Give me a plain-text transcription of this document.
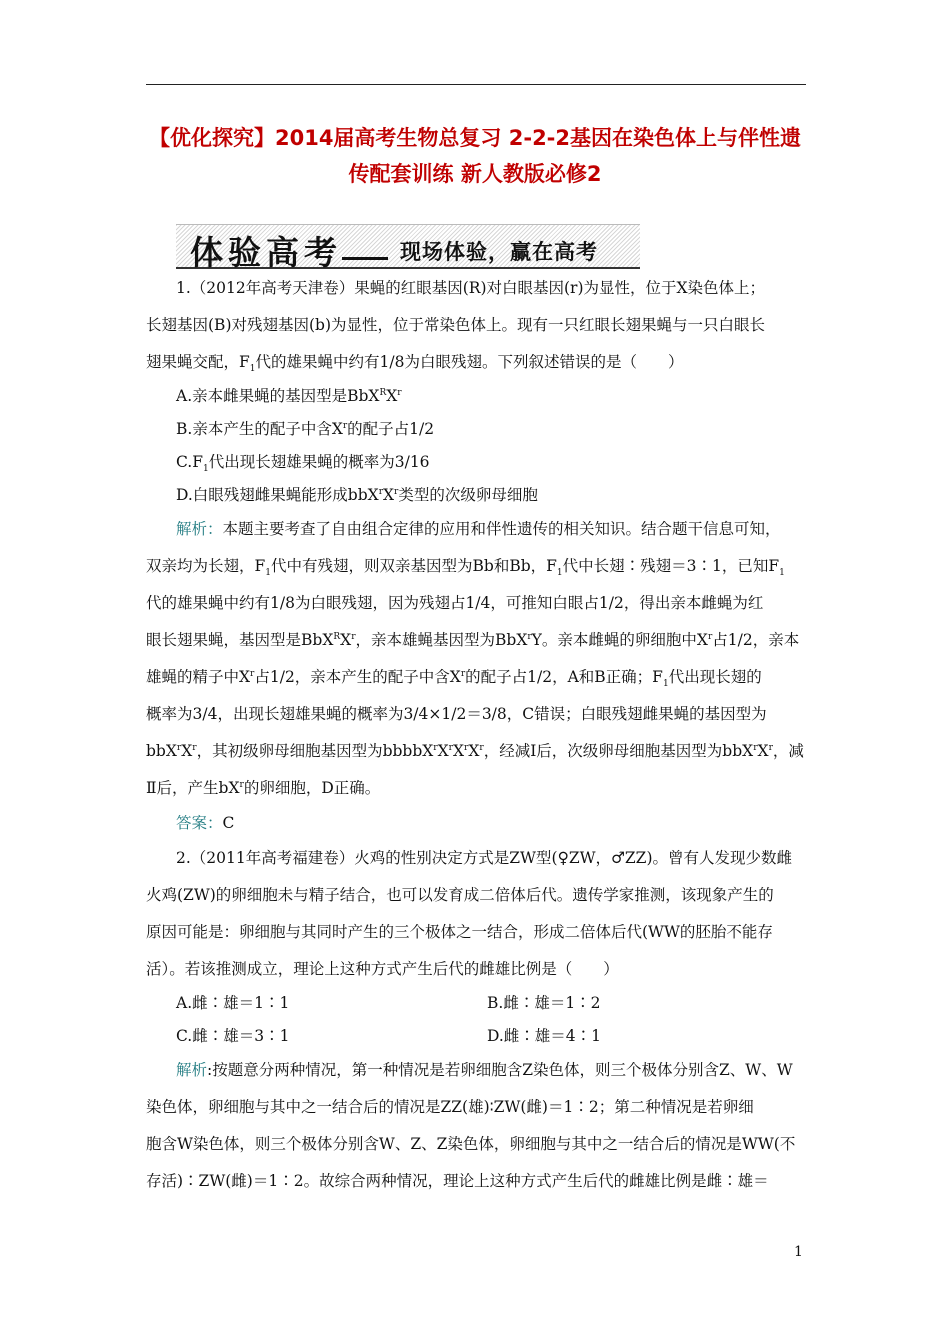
【优化探究】2014届高考生物总复习 2-2-2基因在染色体上与伴性遗
传配套训练 新人教版必修2
体验高考	现场体验，赢在高考
1.（2012年高考天津卷）果蝇的红眼基因(R)对白眼基因(r)为显性，位于X染色体上；
长翅基因(B)对残翅基因(b)为显性，位于常染色体上。现有一只红眼长翅果蝇与一只白眼长
翅果蝇交配，$F_1$代的雄果蝇中约有1/8为白眼残翅。下列叙述错误的是（　　）
A.亲本雌果蝇的基因型是$BbX^RX^r$
B.亲本产生的配子中含$X^r$的配子占1/2
$C.F_1$代出现长翅雄果蝇的概率为3/16
D.白眼残翅雌果蝇能形成$bbX^rX^r$类型的次级卵母细胞
解析：本题主要考查了自由组合定律的应用和伴性遗传的相关知识。结合题干信息可知，
双亲均为长翅，$F_1$代中有残翅，则双亲基因型为Bb和Bb，$F_1$代中长翅∶残翅＝3∶1，已知$F_1$
代的雄果蝇中约有1/8为白眼残翅，因为残翅占1/4，可推知白眼占1/2，得出亲本雌蝇为红
眼长翅果蝇，基因型是$BbX^RX^r$，亲本雄蝇基因型为BbX$^r$Y。亲本雌蝇的卵细胞中$X^r$占1/2，亲本
雄蝇的精子中$X^r$占1/2，亲本产生的配子中含$X^r$的配子占1/2，A和B正确；$F_1$代出现长翅的
概率为3/4，出现长翅雄果蝇的概率为3/4×1/2＝3/8，C错误；白眼残翅雌果蝇的基因型为
$bbX^rX^r$，其初级卵母细胞基因型为$bbbbX^rX^rX^rX^r$，经减Ⅰ后，次级卵母细胞基因型为$bbX^rX^r$，减
Ⅱ后，产生$bX^r$的卵细胞，D正确。
答案：C
2.（2011年高考福建卷）火鸡的性别决定方式是ZW型(♀ZW，♂ZZ)。曾有人发现少数雌
火鸡(ZW)的卵细胞未与精子结合，也可以发育成二倍体后代。遗传学家推测，该现象产生的
原因可能是：卵细胞与其同时产生的三个极体之一结合，形成二倍体后代(WW的胚胎不能存
活）。若该推测成立，理论上这种方式产生后代的雌雄比例是（　　）
A.雌∶雄＝1∶1	B.雌∶雄＝1∶2
C.雌∶雄＝3∶1	D.雌∶雄＝4∶1
解析:按题意分两种情况，第一种情况是若卵细胞含Z染色体，则三个极体分别含Z、W、W
染色体，卵细胞与其中之一结合后的情况是ZZ(雄)∶ZW(雌)＝1∶2；第二种情况是若卵细
胞含W染色体，则三个极体分别含W、Z、Z染色体，卵细胞与其中之一结合后的情况是WW(不
存活)∶ZW(雌)＝1∶2。故综合两种情况，理论上这种方式产生后代的雌雄比例是雌∶雄＝
1
